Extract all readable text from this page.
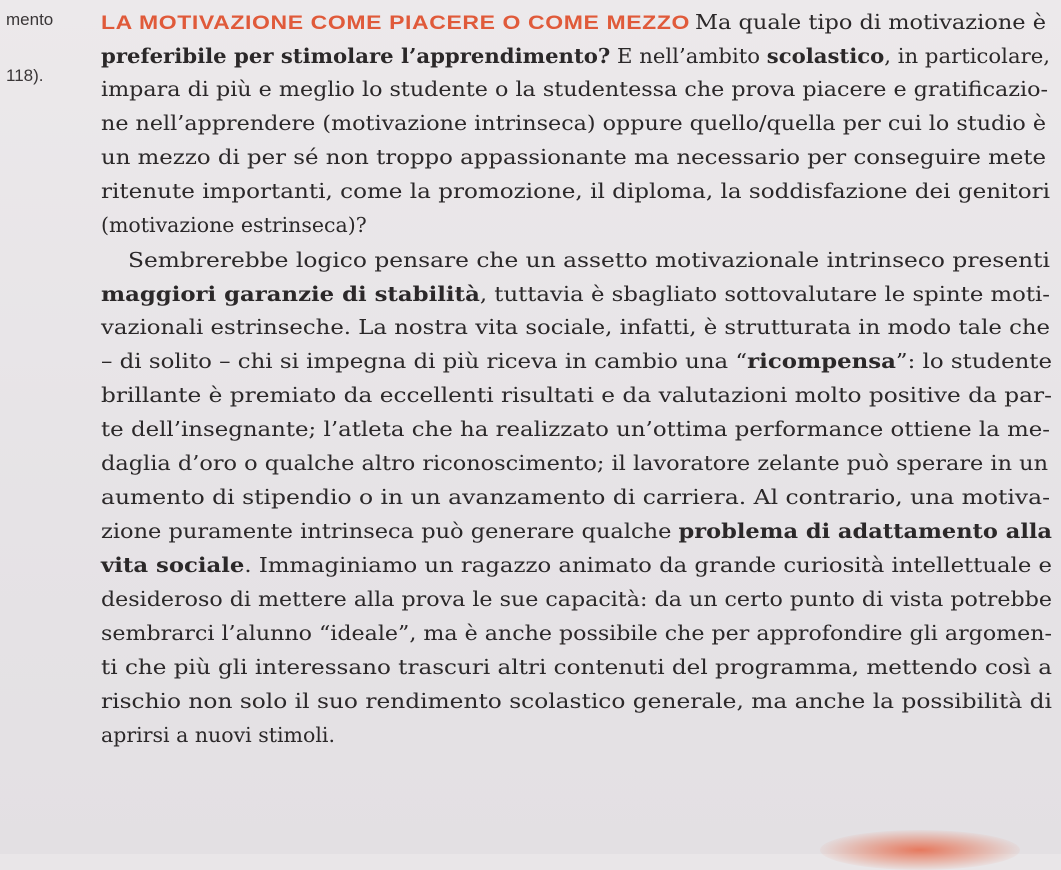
mento
118).
LA MOTIVAZIONE COME PIACERE O COME MEZZO Ma quale tipo di motivazione è
preferibile per stimolare l’apprendimento? E nell’ambito scolastico, in particolare,
impara di più e meglio lo studente o la studentessa che prova piacere e gratificazio-
ne nell’apprendere (motivazione intrinseca) oppure quello/quella per cui lo studio è
un mezzo di per sé non troppo appassionante ma necessario per conseguire mete
ritenute importanti, come la promozione, il diploma, la soddisfazione dei genitori
(motivazione estrinseca)?
Sembrerebbe logico pensare che un assetto motivazionale intrinseco presenti
maggiori garanzie di stabilità, tuttavia è sbagliato sottovalutare le spinte moti-
vazionali estrinseche. La nostra vita sociale, infatti, è strutturata in modo tale che
– di solito – chi si impegna di più riceva in cambio una “ricompensa”: lo studente
brillante è premiato da eccellenti risultati e da valutazioni molto positive da par-
te dell’insegnante; l’atleta che ha realizzato un’ottima performance ottiene la me-
daglia d’oro o qualche altro riconoscimento; il lavoratore zelante può sperare in un
aumento di stipendio o in un avanzamento di carriera. Al contrario, una motiva-
zione puramente intrinseca può generare qualche problema di adattamento alla
vita sociale. Immaginiamo un ragazzo animato da grande curiosità intellettuale e
desideroso di mettere alla prova le sue capacità: da un certo punto di vista potrebbe
sembrarci l’alunno “ideale”, ma è anche possibile che per approfondire gli argomen-
ti che più gli interessano trascuri altri contenuti del programma, mettendo così a
rischio non solo il suo rendimento scolastico generale, ma anche la possibilità di
aprirsi a nuovi stimoli.
